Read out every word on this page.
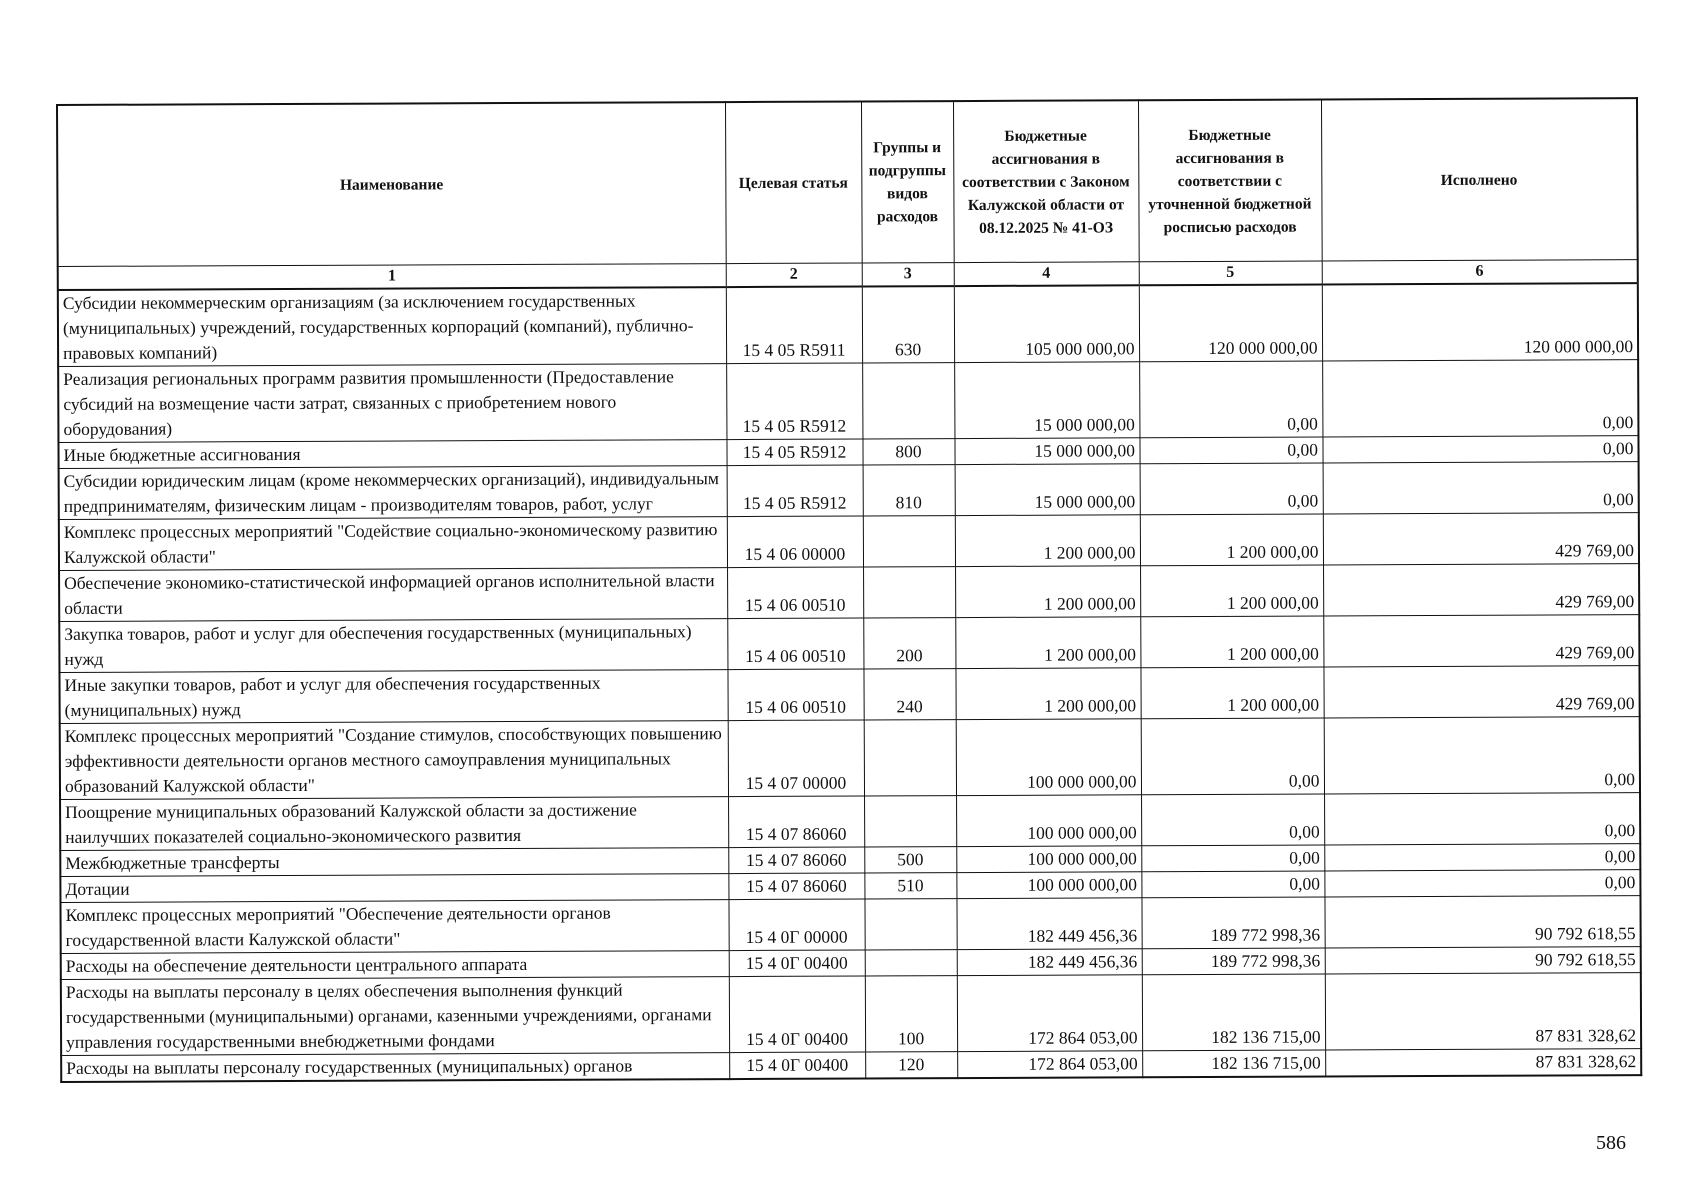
Наименование	Целевая статья	Группы и подгруппы видов расходов	Бюджетные ассигнования в соответствии с Законом Калужской области от 08.12.2025 № 41-ОЗ	Бюджетные ассигнования в соответствии с уточненной бюджетной росписью расходов	Исполнено
1	2	3	4	5	6
Субсидии некоммерческим организациям (за исключением государственных (муниципальных) учреждений, государственных корпораций (компаний), публично-правовых компаний)	15 4 05 R5911	630	105 000 000,00	120 000 000,00	120 000 000,00
Реализация региональных программ развития промышленности (Предоставление субсидий на возмещение части затрат, связанных с приобретением нового оборудования)	15 4 05 R5912		15 000 000,00	0,00	0,00
Иные бюджетные ассигнования	15 4 05 R5912	800	15 000 000,00	0,00	0,00
Субсидии юридическим лицам (кроме некоммерческих организаций), индивидуальным предпринимателям, физическим лицам - производителям товаров, работ, услуг	15 4 05 R5912	810	15 000 000,00	0,00	0,00
Комплекс процессных мероприятий "Содействие социально-экономическому развитию Калужской области"	15 4 06 00000		1 200 000,00	1 200 000,00	429 769,00
Обеспечение экономико-статистической информацией органов исполнительной власти области	15 4 06 00510		1 200 000,00	1 200 000,00	429 769,00
Закупка товаров, работ и услуг для обеспечения государственных (муниципальных) нужд	15 4 06 00510	200	1 200 000,00	1 200 000,00	429 769,00
Иные закупки товаров, работ и услуг для обеспечения государственных (муниципальных) нужд	15 4 06 00510	240	1 200 000,00	1 200 000,00	429 769,00
Комплекс процессных мероприятий "Создание стимулов, способствующих повышению эффективности деятельности органов местного самоуправления муниципальных образований Калужской области"	15 4 07 00000		100 000 000,00	0,00	0,00
Поощрение муниципальных образований Калужской области за достижение наилучших показателей социально-экономического развития	15 4 07 86060		100 000 000,00	0,00	0,00
Межбюджетные трансферты	15 4 07 86060	500	100 000 000,00	0,00	0,00
Дотации	15 4 07 86060	510	100 000 000,00	0,00	0,00
Комплекс процессных мероприятий "Обеспечение деятельности органов государственной власти Калужской области"	15 4 0Г 00000		182 449 456,36	189 772 998,36	90 792 618,55
Расходы на обеспечение деятельности центрального аппарата	15 4 0Г 00400		182 449 456,36	189 772 998,36	90 792 618,55
Расходы на выплаты персоналу в целях обеспечения выполнения функций государственными (муниципальными) органами, казенными учреждениями, органами управления государственными внебюджетными фондами	15 4 0Г 00400	100	172 864 053,00	182 136 715,00	87 831 328,62
Расходы на выплаты персоналу государственных (муниципальных) органов	15 4 0Г 00400	120	172 864 053,00	182 136 715,00	87 831 328,62
586
